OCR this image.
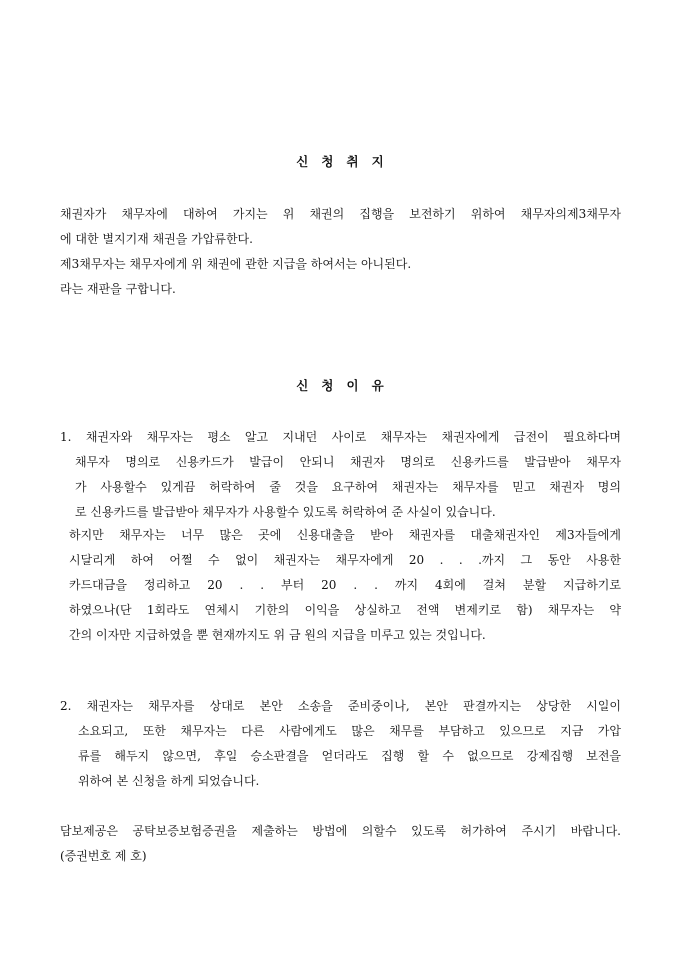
신   청   취   지
채권자가 채무자에 대하여 가지는 위 채권의 집행을 보전하기 위하여 채무자의제3채무자
에 대한 별지기재 채권을 가압류한다.
제3채무자는 채무자에게 위 채권에 관한 지급을 하여서는 아니된다.
라는 재판을 구합니다.
신   청   이   유
1. 채권자와 채무자는 평소 알고 지내던 사이로 채무자는 채권자에게 급전이 필요하다며
채무자 명의로 신용카드가 발급이 안되니 채권자 명의로 신용카드를 발급받아 채무자
가 사용할수 있게끔 허락하여 줄 것을 요구하여 채권자는 채무자를 믿고 채권자 명의
로 신용카드를 발급받아 채무자가 사용할수 있도록 허락하여 준 사실이 있습니다.
하지만 채무자는 너무 많은 곳에 신용대출을 받아 채권자를 대출채권자인 제3자들에게
시달리게 하여 어쩔 수 없이 채권자는 채무자에게 20 . . .까지 그 동안 사용한
카드대금을 정리하고 20 . . 부터 20 . . 까지 4회에 걸쳐 분할 지급하기로
하였으나(단 1회라도 연체시 기한의 이익을 상실하고 전액 변제키로 함) 채무자는 약
간의 이자만 지급하였을 뿐 현재까지도 위 금 원의 지급을 미루고 있는 것입니다.
2. 채권자는 채무자를 상대로 본안 소송을 준비중이나, 본안 판결까지는 상당한 시일이
소요되고, 또한 채무자는 다른 사람에게도 많은 채무를 부담하고 있으므로 지금 가압
류를 해두지 않으면, 후일 승소판결을 얻더라도 집행 할 수 없으므로 강제집행 보전을
위하여 본 신청을 하게 되었습니다.
담보제공은 공탁보증보험증권을 제출하는 방법에 의할수 있도록 허가하여 주시기 바랍니다.
(증권번호 제 호)
